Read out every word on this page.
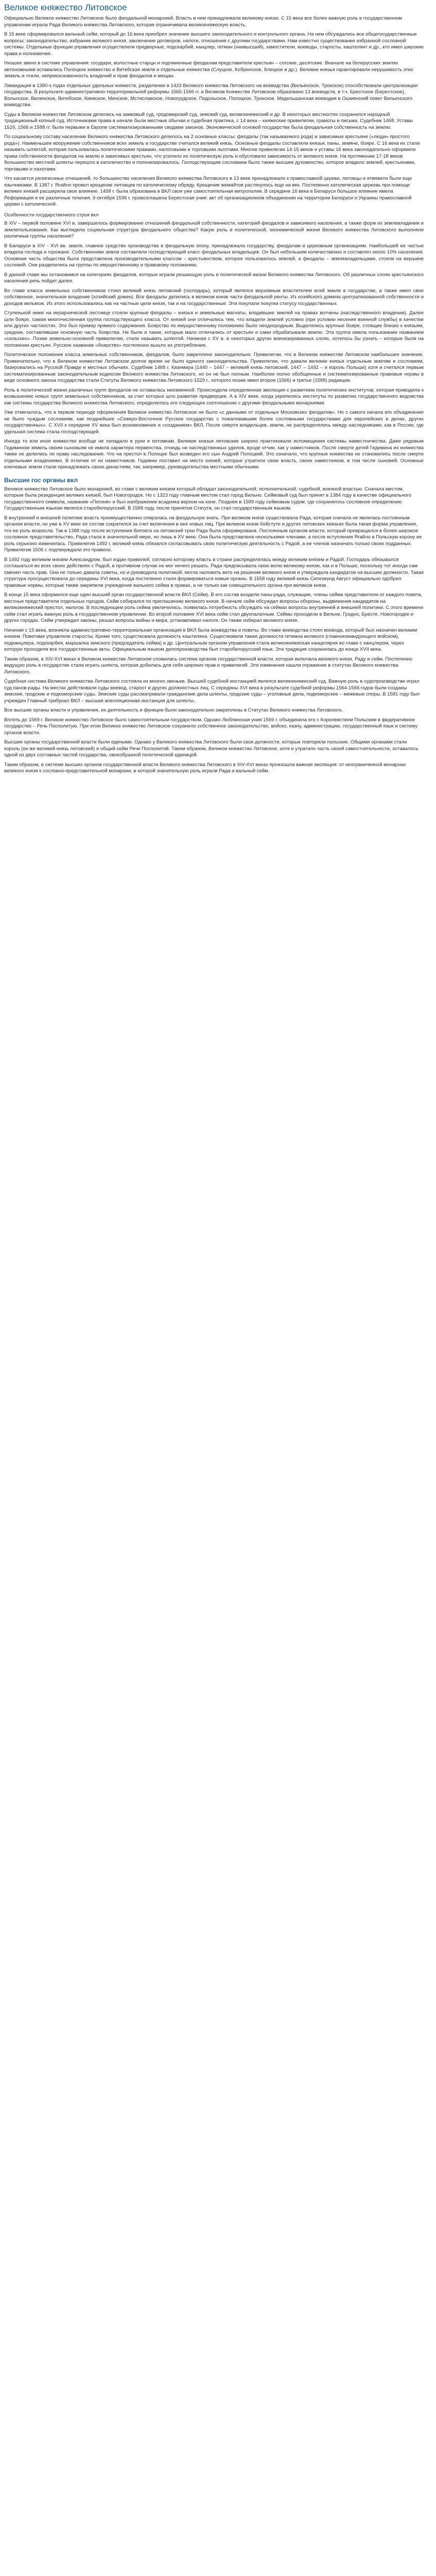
Великое княжество Литовское

Официально Великое княжество Литовское было феодальной монархией. Власть в нем принадлежала великому князю. С 15 века все более важную роль в государственном управлении играла Рада Великого княжества Литовского, которая ограничивала великокняжескую власть.

В 15 веке сформировался вальный сейм, который до 16 века приобрел значение высшего законодательного и контрольного органа. На нем обсуждались все общегосударственные вопросы: законодательство, избрание великого князя, заключение договоров, налоги, отношения с другими государствами. Нам известно существование избранной сословной системы. Отдельные функции управления осуществляли придворные, подскарбий, канцлер, гетман (наивысший), замостители, воеводы, старосты, каштелянт и др., кто имел широкие права и полномочия.

Низшее звено в системе управления: государи, волостные старцы и подчиненные феодалам представители крестьян – сотские, десятские. Вначале на белорусских землях автономными оставались Полоцкое княжество и Витебская земля и отдельные княжества (Слуцкое, Кобринское, Клецкое и др.). Великие князья гарантировали нерушимость этих земель и чтили, неприкосновенность владений и прав феодалов и мещан.

Ликвидация в 1390-х годах отдельных удельных княжеств, разделение в 1423 Великого княжества Литовского на воеводства (Вильенское, Трокское) способствовали централизации государства. В результате административно-территориальной реформы 1565-1566 гг. в Великом Княжестве Литовском образовано 13 воеводств, в т.ч. Брестское (Берестское), Вольнское, Виленское, Витебское, Киевское, Минское, Мстиславское, Новогрудское, Подольское, Полоцкое, Трокское. Медельшанская воеводия в Ошмянский повет Вильенского воеводства.

Суды в Великом княжестве Литовском делились на замковый суд, гродомирский суд, земский суд, великокняжеский и др. В некоторых местностях сохранился народный традиционный копный суд. Источниками права в начале были местные обычаи и судебная практика, с 14 века – княжеские привилегии, грамоты и письма. Судебник 1468. Уставы 1529, 1566 и 1588 гг. были первыми в Европе систематизированными сводами законов. Экономической основой государства была феодальная собственность на землю.

По социальному составу население Великого княжества Литовского делилось на 2 основные классы: феодалы (так называемого рода) и зависимые крестьяне («люди» простого рода»). Наименьшее вооружение собственников всех земель в государстве считался великий князь. Основные феодалы составляли князья, паны, земяне, бояре. С 16 века их стали называть шляхтой, которая пользовалась политическими правами, налоговыми и торговыми льготами. Многие привилегии 14-15 веков и уставы 16 века законодательно оформили права собственности феодалов на землю и зависимых крестьян, что усилило их политическую роль и обусловило зависимость от великого князя. На протяжении 17-18 веков большинство местной шляхты перешло в католичество и полонизировалось. Господствующим сословием было также высшее духовенство, которое владело землей, крестьянами, торговыми и пахотами.

Что касается религиозных отношений, то большинство населения Великого княжества Литовского в 13 веке принадлежало к православной церкви, литовцы и ятвяжети были еще язычниками. В 1387 г. Ягайло провел крещение литовцев по католическому обряду. Крещение жемайтов растянулось еще на век. Постепенно католическая церковь при помощи великих князей расширяла свое влияние. 1458 г. была образована в ВКЛ своя уже самостоятельная митрополия. В середине 16 века в Беларуси большое влияние имела Реформация и ее различные течения. 9 октября 1596 г. провозглашена Берестская уния: акт об организационном объединении на территории Беларуси и Украины православной церкви с католической.

Особенности государственного строя вкл

В XIV – первой половине XVI в. завершилось формирование отношений феодальной собственности, категорий феодалов и зависимого населения, а также форм их землевладения и землепользования. Как выглядела социальная структура феодального общества? Какую роль в политической, экономической жизни Великого княжества Литовского выполняли различные группы населения?

В Беларуси в XIV - XVI вв. земля, главное средство производства в феодальную эпоху, принадлежала государству, феодалам и церковным организациям. Наибольшей ее частью владела господа и горожане. Собственники земли составляли господствующий класс феодальных владельцев. Он был небольшим количественно и составлял около 10% населения. Основная часть общества была представлена производительными классом – крестьянством, которое пользовалось землей, а феодалы – землевладельцами, стояли на вершине сословий. Они разделились на группы по имущественному и правовому положению.

В данной главе мы остановимся на категориях феодалов, которые играли решающую роль в политической жизни Великого княжества Литовского. Об различных слоях крестьянского населения речь пойдет далее.

Во главе класса земельных собственников стоял великий князь литовский (господарь), который являлся верховным властителем всей земли в государстве, а также имел свое собственное, значительное владение (хозяйский домен). Все феодалы делились в великом князе части феодальной ренты. Из хозяйского домена централизованной собственности и доходов вельмож. Из этого использовались как на частные цели князя, так и на государственные. Эти покупали покупки статусу государственных.

Ступенькой ниже на иерархической лестнице стояли крупные феодалы – князья и земельные магнаты, владевшие землей на правах вотчины (наследственного владения). Далее шли бояре, самая многочисленная группа господствующего класса. От князей они отличались тем, что владели землей условно (при условии несения военной службы) в качестве или других частностях. Это был пример прямого содержания. Боярство по имущественному положению было неоднородным. Выделялись крупные бояре, стоящие близко к князьям, средние, составлявшие основную часть боярства. Не были и такие, которые мало отличались от крестьян и сами обрабатывали землю. Эта группа имела пользование названием «сельских». Позже земельно-основной привилегию, стали называть шляхтой. Начиная с XV в. в некоторых других военизированных слоях, хотелось бы узнать – которые были на положении крестьян. Русское название «боярство» постепенно вышло из употребления.

Политическое положение класса земельных собственников, феодалов, было закреплено законодательно. Привилегии, что в Великом княжестве Литовском наибольшее значение. Примечательно, что в Великом княжестве Литовском долгое время не было единого законодательства. Привилегии, что давали великие князья отдельным землям и сословиям, базировались на Русской Правде и местных обычаях. Судебник 1468 г. Казимира (1440 – 1447 – великий князь литовский, 1447 – 1492 – и король Польши) хотя и считался первым систематизированным законодательным кодексом Великого княжества Литовского, но он не был полным. Наиболее полно обобщенные и систематизированные правовые нормы в виде основного закона государства стали Статуты Великого княжества Литовского 1529 г., которого позже имел второе (1566) и третье (1588) редакции.

Роль в политической жизни различных групп феодалов не оставалась неизменной. Происходила определенная эволюция с развитием политических институтов, которая приводила к возвышению новых групп земельных собственников, за счет которых шло развитие придворцев. А в XIV веке, когда укрепились институты по развитию государственного ведомства как системы государства Великого княжества Литовского, определялось его следующее соотношение с другими феодальными монархиями.

Уже отмечалось, что в первом периоде оформления Великое княжество Литовское не было «с данными от отдельных Московских феодалов». Но с самого начала его объединение не было чуждым сословиям, как позднейшее «Северо-Восточное Русское государство с пожаловавшим более сословными государствами для европейских в делах, других государственных». С XVII к середине XV века был возникновение и «созданием» ВКЛ. После смерти владельцев, земли, не распределялись между наследниками, как в России, где удельная система стала господствующей.

Иногда то или иное княжество вообще не попадало в руки и потомкам. Великие князья литовские широко практиковали испомещения системы наместничества. Даже рядовым Гедимином земель своим сыновьям не имела характера первенства, отнюдь не наследственных уделов, вроде отчин, как у наместников. После смерти детей Гедимина их княжества также не делились по праву наследования. Что на престол в Полоцке был возведен его сын Андрей Полоцкий. Это означало, что крупные княжества не становились после смерти отдельными владениями. В отличие от их наместников. Гедимин поставил на место князей, которые утратили свою власть, своих наместников, в том числе сыновей. Основные ключевые земли стали принадлежать своих династиям, так, например, руководительства местными обычными.

Высшие гос органы вкл

Великое княжество Литовское было монархией, во главе с великим князем который обладал законодательной, исполнительной, судебной, военной властью. Сначала местом, которым была резиденция великих князей, был Новогородок. Но с 1323 году главным местом стал город Вильно. Сеймовый суд был принят в 1384 году в качестве официального государственного символа, название «Погоня» и был изображение всадника верхом на коне. Позднее в 1589 году сеймовым судом, где сохранялось сословное определение. Государственным языком являлся старобелорусский. В 1588 году, после принятия Статута, он стал государственным языком.

В внутренней и внешней политике власть преимущественно опиралась на феодальную знать. При великом князе существовала Рада, которая сначала не являлась постоянным органом власти, но уже в XV веке ее состав сократился за счет включения в нее новых лиц. При великом князе Кейстуте и других литовских князьях была такая форма управления, что ее роль возросла. Так в 1388 году после вступления Витовта на литовский трон Рада была сформирована. Постоянным органом власти, который превращался в более широкое сословное представительство, Рада стала в значительной мере, но лишь в XV веке. Она была представлена несколькими членами, а после вступления Ягайло в Польскую корону ее роль серьезно изменилась. Привилегия 1492 г. великий князь обязался согласовывать свою политическую деятельность с Радой, а ее членов назначать только своих подданных. Привилегии 1506 г. подтверждали это правило.

В 1492 году великим князем Александром, был издан привилей, согласно которому власть в стране распределялась между великим князем и Радой. Господарь обязывался соглашаться во всех своих действиях с Радой, в противном случае не мог ничего решать. Рада предписывала свою волю великому князю, как и в Польше, поскольку тот иногда сам сменял часть прав. Она не только давала советы, но и руководила политикой, могла наложить вето на решения великого князя и утверждала кандидатов на высшие должности. Такая структура просуществовала до середины XVI века, когда постепенно стали формироваться новые органы. В 1558 году великий князь Сигизмунд Август официально одобрил правовые нормы, которые также закрепили учреждение вального сейма в правах, а не только как совещательного органа при великом князе.

В конце 15 века оформился еще один высший орган государственной власти ВКЛ (Сейм). В его состав входили паны-рада, служащие, члены сейма представители от каждого повета, местные представители отдельных городов. Сейм собирался по приглашению великого князя. В начале сейм обсуждал вопросы обороны, выдвижения кандидатов на великокняжеский престол, налогов. В последующем роль сейма увеличилась, появилась потребность обсуждать на сеймах вопросы внутренней и внешней политики. С этого времени сейм стал играть важную роль в государственном управлении. Во второй половине XVI века сейм стал двухпалатным. Сеймы проходили в Вильне, Гродно, Бресте, Новогородке и других городах. Сейм утверждал законы, решал вопросы войны и мира, устанавливал налоги. Он также избирал великого князя.

Начиная с 15 века, возникла административно-территориальная организация в ВКЛ была воеводства и поветы. Во главе воеводства стоял воевода, который был назначен великим князем. Поветами управляли старосты. Кроме того, существовала должность каштеляна. Существовали также должности гетмана великого (главнокомандующего войском), подканцлера, подскарбия, маршалка земского (председатель сейма) и др. Центральным органом управления стала великокняжеская канцелярия во главе с канцлером, через которую проходили все государственные акты. Официальным языком делопроизводства был старобелорусский язык. Эта традиция сохранилась до конца XVII века.

Таким образом, в XIV-XVI веках в Великом княжестве Литовском сложилась система органов государственной власти, которая включала великого князя, Раду и сейм. Постепенно ведущую роль в государстве стала играть шляхта, которая добилась для себя широких прав и привилегий. Эти изменения нашли отражение в статутах Великого княжества Литовского.

Судебная система Великого княжества Литовского состояла из многих звеньев. Высшей судебной инстанцией являлся великокняжеский суд. Важную роль в судопроизводстве играл суд панов-рады. На местах действовали суды воевод, старост и других должностных лиц. С середины XVI века в результате судебной реформы 1564-1566 годов были созданы земские, гродские и подкоморские суды. Земские суды рассматривали гражданские дела шляхты, гродские суды – уголовные дела, подкоморские – межевые споры. В 1581 году был учрежден Главный трибунал ВКЛ – высшая апелляционная инстанция для шляхты.

Все высшие органы власти и управления, их деятельность и функции были законодательно закреплены в Статутах Великого княжества Литовского.

Вплоть до 1569 г. Великое княжество Литовское было самостоятельным государством. Однако Люблинская уния 1569 г. объединила его с Королевством Польским в федеративное государство – Речь Посполитую. При этом Великое княжество Литовское сохранило собственное законодательство, войско, казну, администрацию, государственный язык и систему органов власти.

Высшие органы государственной власти были едиными. Однако у Великого княжества Литовского были свои должности, которые повторяли польские. Общими органами стали король (он же великий князь литовский) и общий сейм Речи Посполитой. Таким образом, Великое княжество Литовское, хотя и утратило часть своей самостоятельности, оставалось одной из двух составных частей государства, своеобразной политической единицей.

Таким образом, в системе высших органов государственной власти Великого княжества Литовского в XIV-XVI веках произошла важная эволюция: от неограниченной монархии великого князя к сословно-представительной монархии, в которой значительную роль играли Рада и вальный сейм.
